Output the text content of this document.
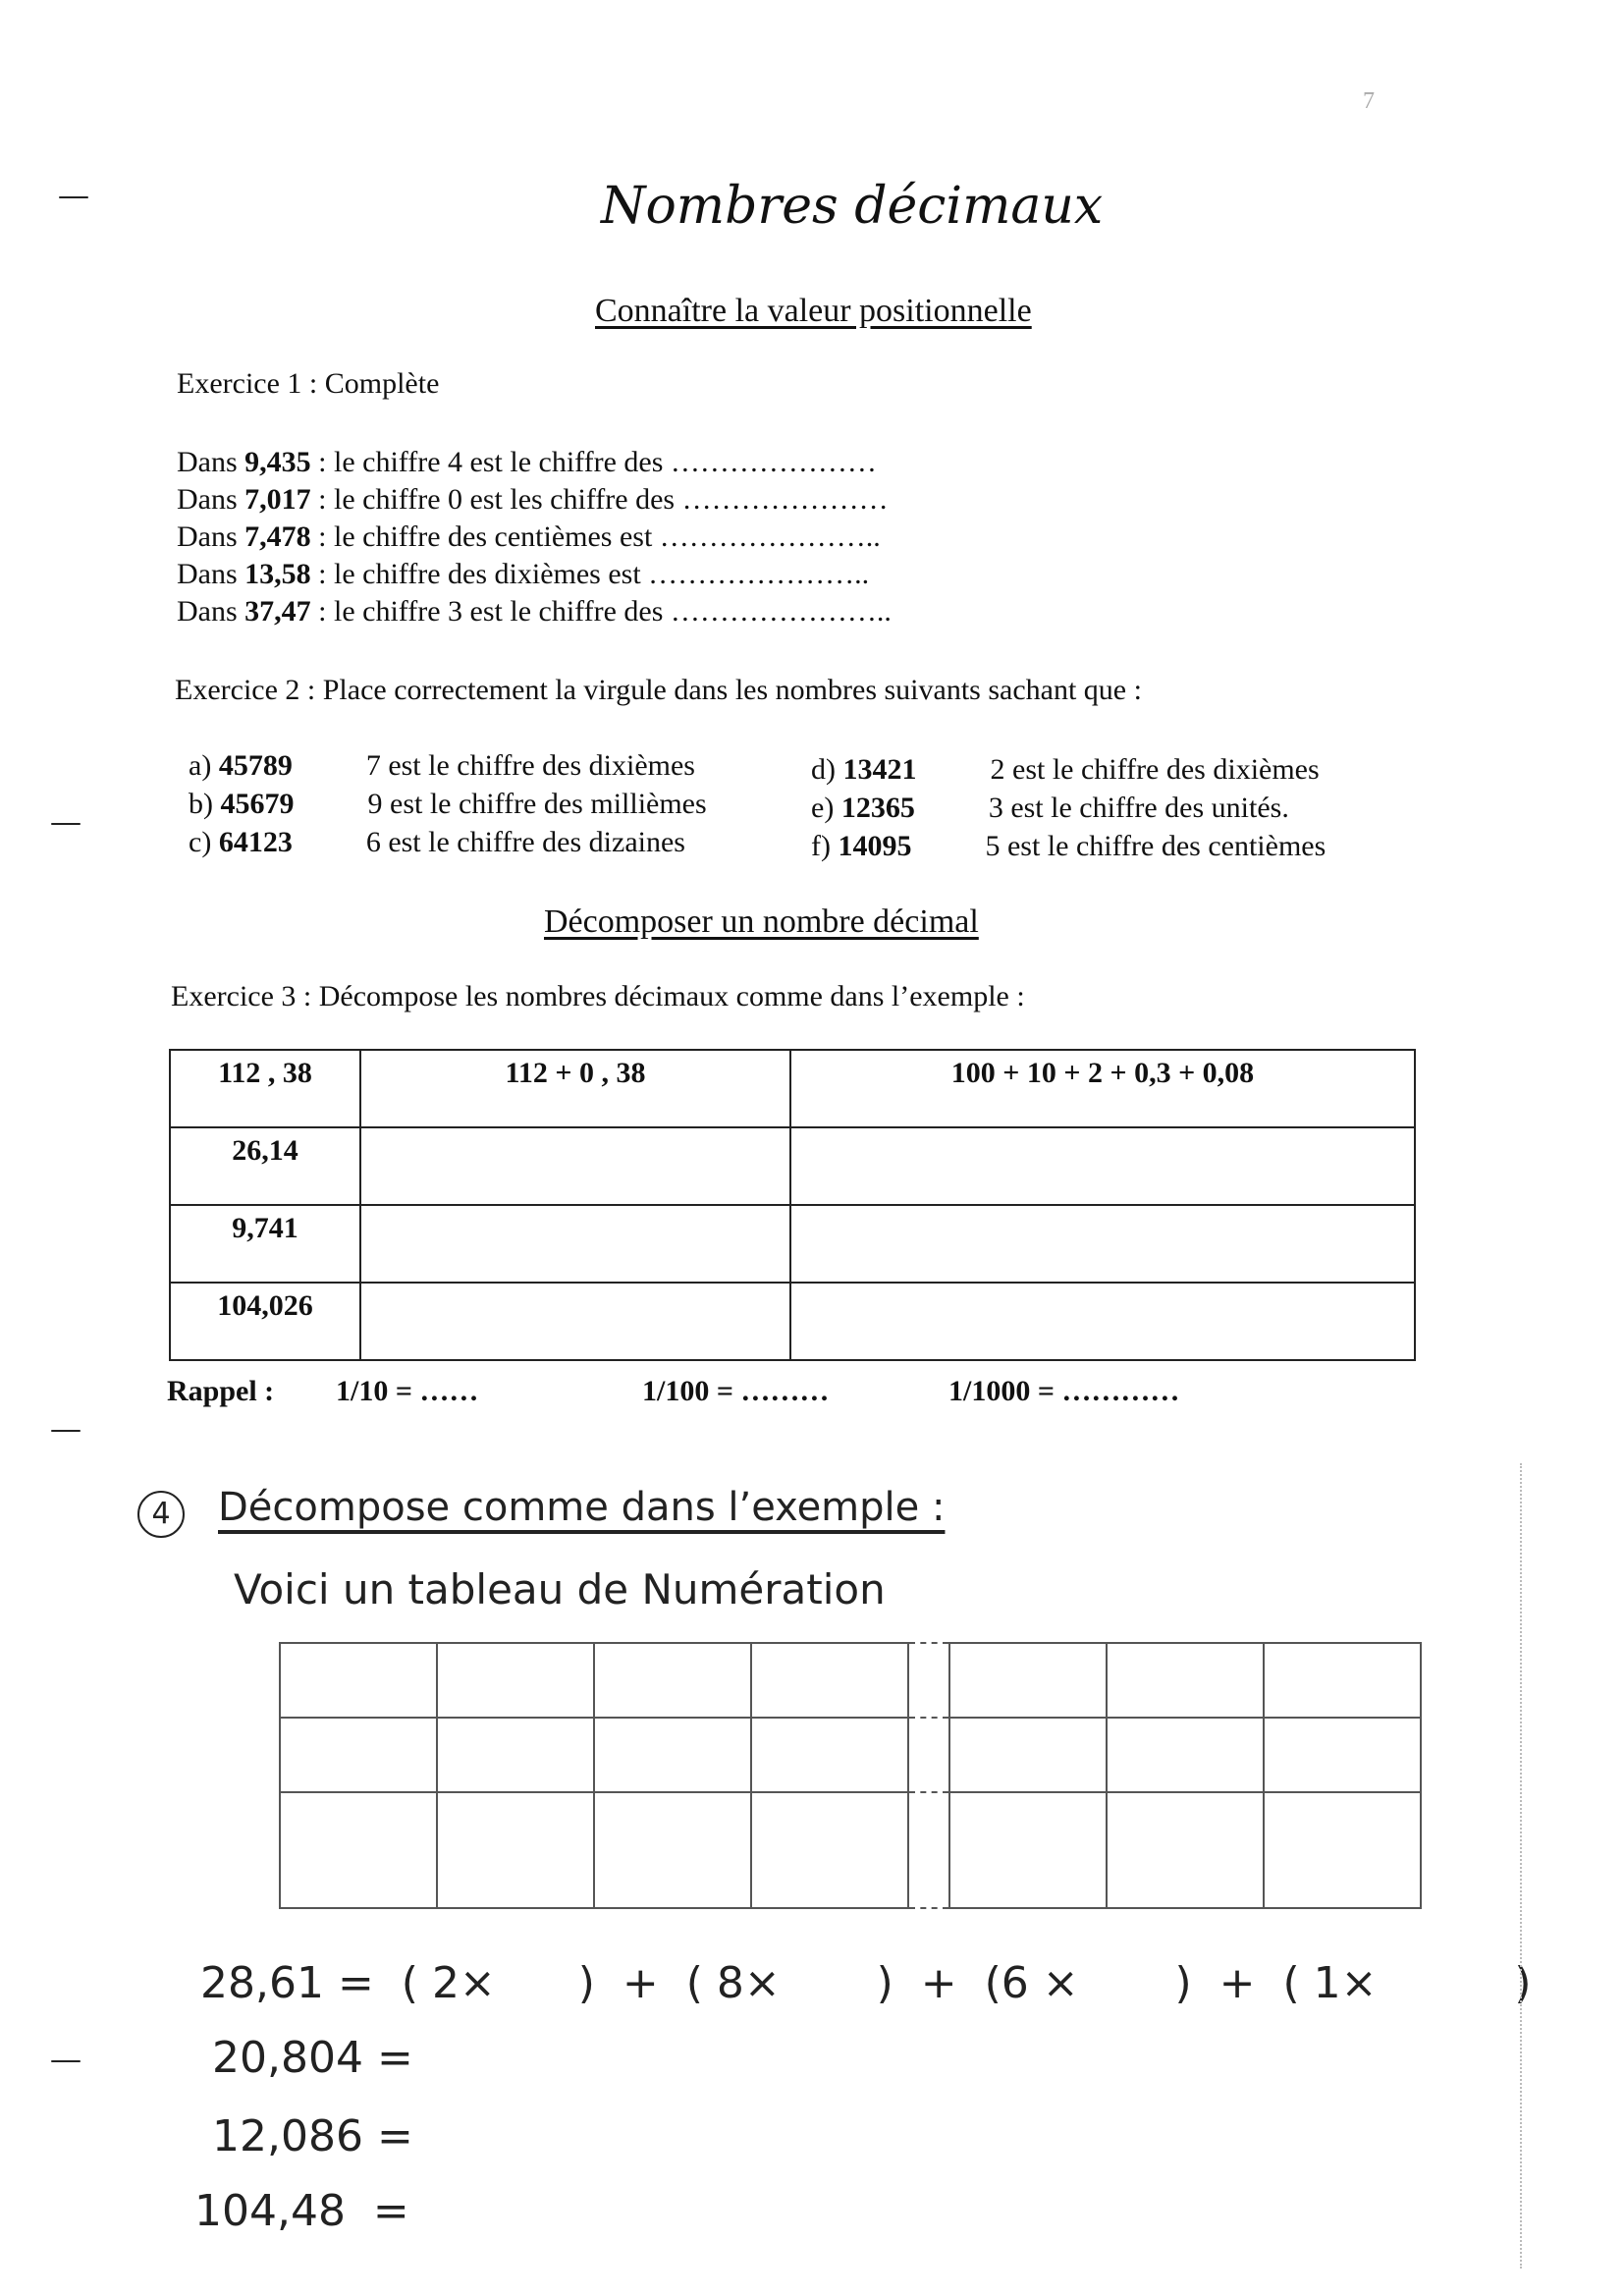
7
Nombres décimaux
Connaître la valeur positionnelle
Exercice 1 : Complète
Dans 9,435 : le chiffre 4 est le chiffre des …………………
Dans 7,017 : le chiffre 0 est les chiffre des …………………
Dans 7,478 : le chiffre des centièmes est …………………..
Dans 13,58 : le chiffre des dixièmes est …………………..
Dans 37,47 : le chiffre 3 est le chiffre des …………………..
Exercice 2 : Place correctement la virgule dans les nombres suivants sachant que :
a) 45789	7 est le chiffre des dixièmes
b) 45679	9 est le chiffre des millièmes
c) 64123	6 est le chiffre des dizaines
d) 13421	2 est le chiffre des dixièmes
e) 12365	3 est le chiffre des unités.
f) 14095	5 est le chiffre des centièmes
Décomposer un nombre décimal
Exercice 3 : Décompose les nombres décimaux comme dans l’exemple :
112 , 38	112 + 0 , 38	100 + 10 + 2 + 0,3 + 0,08
26,14		
9,741		
104,026		
Rappel : 1/10 = ……	1/100 = ………	1/1000 = …………
4	Décompose comme dans l’exemple :
Voici un tableau de Numération

28,61 =  ( 2×      )  +  ( 8×       )  +  (6 ×       )  +  ( 1×          )
20,804 =
12,086 =
104,48  =
